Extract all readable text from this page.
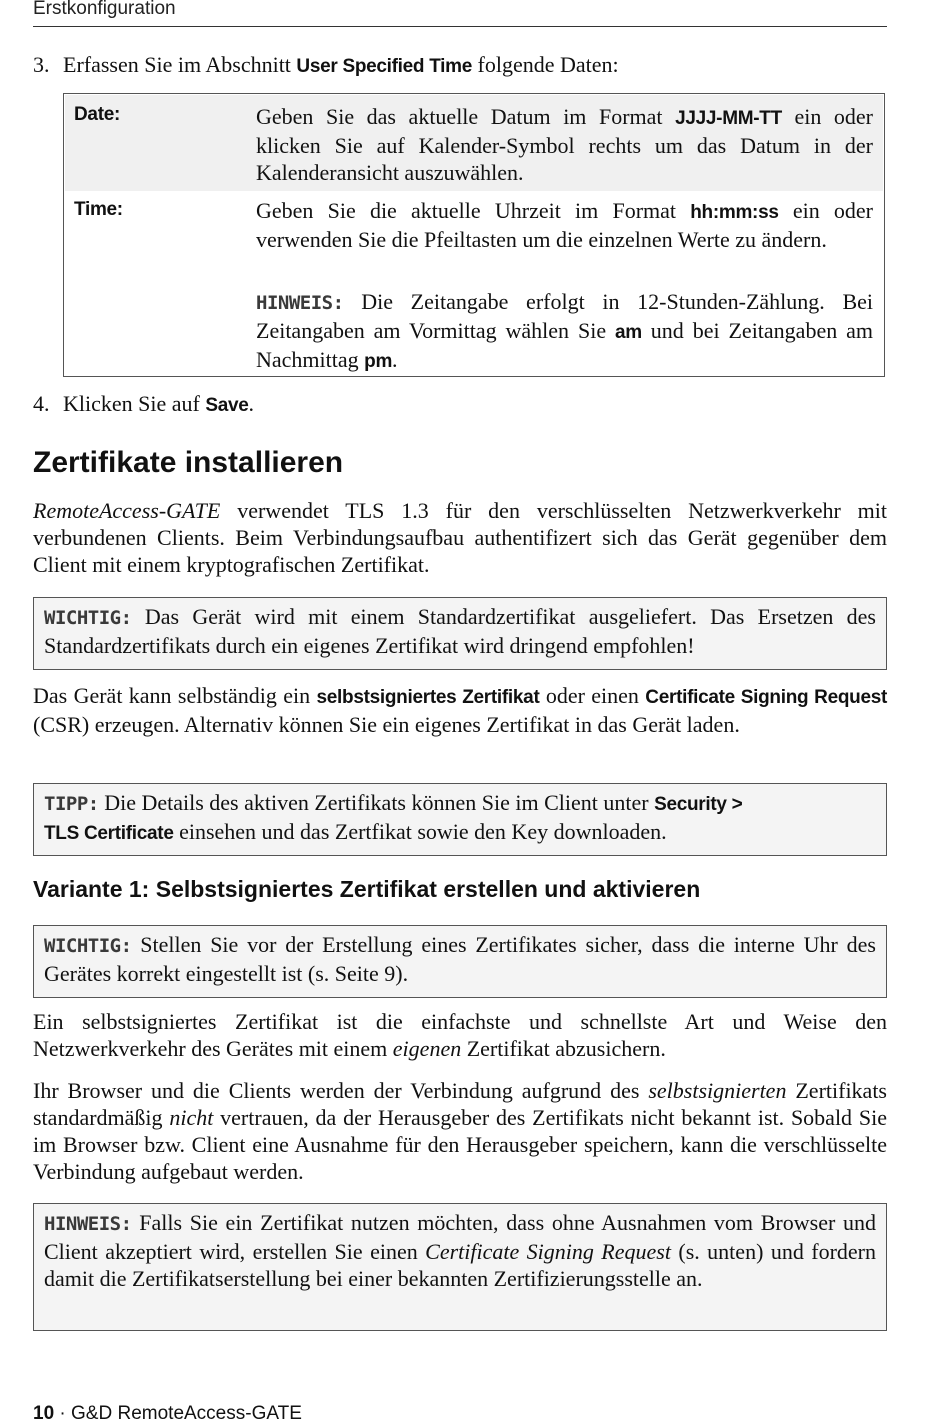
Erstkonfiguration

3. Erfassen Sie im Abschnitt User Specified Time folgende Daten:

Date:	Geben Sie das aktuelle Datum im Format JJJJ-MM-TT ein oder klicken Sie auf Kalender-Symbol rechts um das Datum in der Kalenderansicht auszuwählen.

Time:	Geben Sie die aktuelle Uhrzeit im Format hh:mm:ss ein oder verwenden Sie die Pfeiltasten um die einzelnen Werte zu ändern.

HINWEIS: Die Zeitangabe erfolgt in 12-Stunden-Zählung. Bei Zeitangaben am Vormittag wählen Sie am und bei Zeitangaben am Nachmittag pm.

4. Klicken Sie auf Save.

Zertifikate installieren

RemoteAccess-GATE verwendet TLS 1.3 für den verschlüsselten Netzwerkverkehr mit verbundenen Clients. Beim Verbindungsaufbau authentifizert sich das Gerät gegenüber dem Client mit einem kryptografischen Zertifikat.

WICHTIG: Das Gerät wird mit einem Standardzertifikat ausgeliefert. Das Ersetzen des Standardzertifikats durch ein eigenes Zertifikat wird dringend empfohlen!

Das Gerät kann selbständig ein selbstsigniertes Zertifikat oder einen Certificate Signing Request (CSR) erzeugen. Alternativ können Sie ein eigenes Zertifikat in das Gerät laden.

TIPP: Die Details des aktiven Zertifikats können Sie im Client unter Security >
TLS Certificate einsehen und das Zertfikat sowie den Key downloaden.

Variante 1: Selbstsigniertes Zertifikat erstellen und aktivieren

WICHTIG: Stellen Sie vor der Erstellung eines Zertifikates sicher, dass die interne Uhr des Gerätes korrekt eingestellt ist (s. Seite 9).

Ein selbstsigniertes Zertifikat ist die einfachste und schnellste Art und Weise den Netzwerkverkehr des Gerätes mit einem eigenen Zertifikat abzusichern.

Ihr Browser und die Clients werden der Verbindung aufgrund des selbstsignierten Zertifikats standardmäßig nicht vertrauen, da der Herausgeber des Zertifikats nicht bekannt ist. Sobald Sie im Browser bzw. Client eine Ausnahme für den Herausgeber speichern, kann die verschlüsselte Verbindung aufgebaut werden.

HINWEIS: Falls Sie ein Zertifikat nutzen möchten, dass ohne Ausnahmen vom Browser und Client akzeptiert wird, erstellen Sie einen Certificate Signing Request (s. unten) und fordern damit die Zertifikatserstellung bei einer bekannten Zertifizierungsstelle an.

10 · G&D RemoteAccess-GATE
